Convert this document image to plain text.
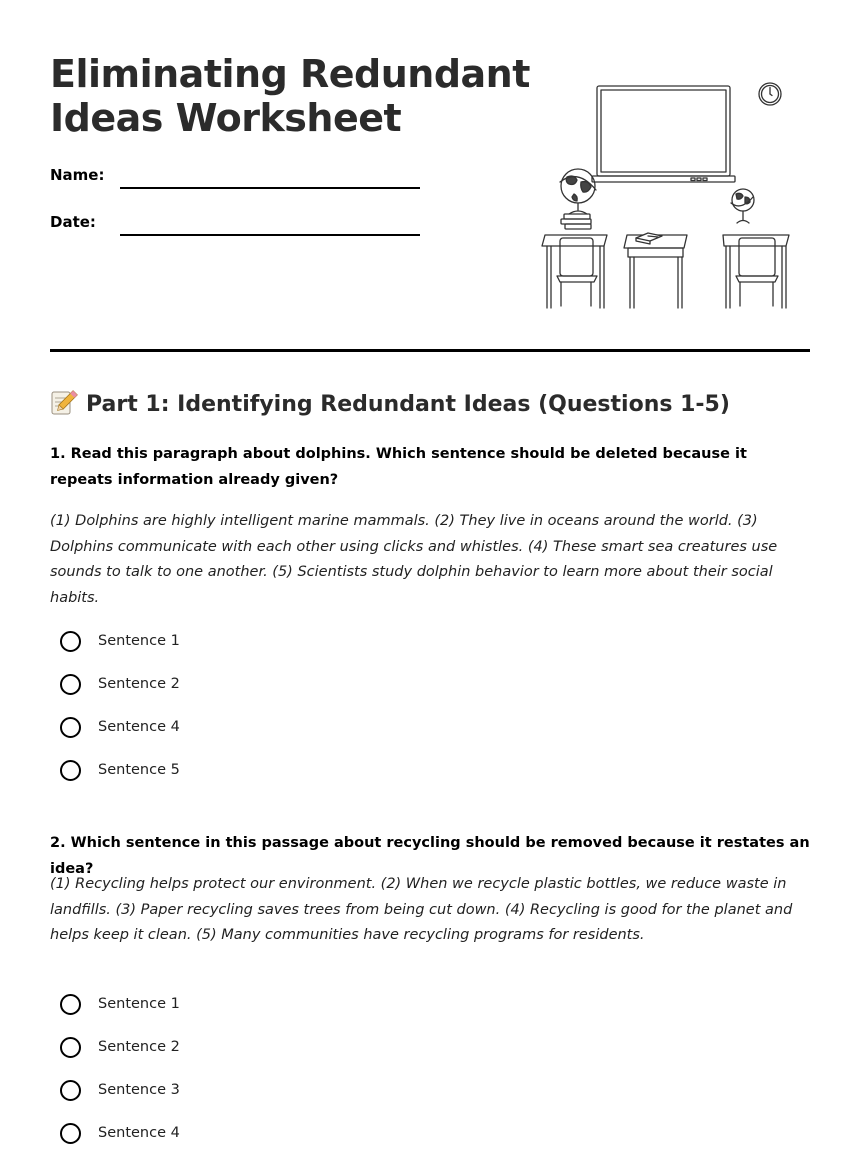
Eliminating Redundant
Ideas Worksheet
Name:
Date:
Part 1: Identifying Redundant Ideas (Questions 1-5)

1. Read this paragraph about dolphins. Which sentence should be deleted because it repeats information already given?

(1) Dolphins are highly intelligent marine mammals. (2) They live in oceans around the world. (3) Dolphins communicate with each other using clicks and whistles. (4) These smart sea creatures use sounds to talk to one another. (5) Scientists study dolphin behavior to learn more about their social habits.

Sentence 1
Sentence 2
Sentence 4
Sentence 5

2. Which sentence in this passage about recycling should be removed because it restates an idea?

(1) Recycling helps protect our environment. (2) When we recycle plastic bottles, we reduce waste in landfills. (3) Paper recycling saves trees from being cut down. (4) Recycling is good for the planet and helps keep it clean. (5) Many communities have recycling programs for residents.

Sentence 1
Sentence 2
Sentence 3
Sentence 4
